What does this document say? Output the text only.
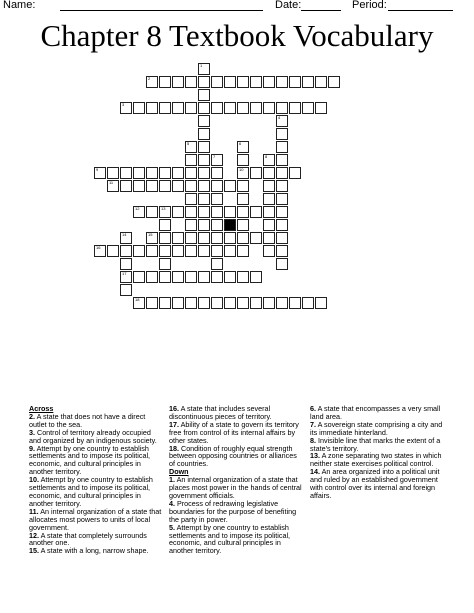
Name:	Date:	Period:
Chapter 8 Textbook Vocabulary
1
2
3
4
5	6
10
7	8
9
11
12	13
14
17
15
16
18
Across
2. A state that does not have a direct outlet to the sea.
3. Control of territory already occupied and organized by an indigenous society.
9. Attempt by one country to establish settlements and to impose its political, economic, and cultural principles in another territory.
10. Attempt by one country to establish settlements and to impose its political, economic, and cultural principles in another territory.
11. An internal organization of a state that allocates most powers to units of local government.
12. A state that completely surrounds another one.
15. A state with a long, narrow shape.
16. A state that includes several discontinuous pieces of territory.
17. Ability of a state to govern its territory free from control of its internal affairs by other states.
18. Condition of roughly equal strength between opposing countries or alliances of countries.
Down
1. An internal organization of a state that places most power in the hands of central government officials.
4. Process of redrawing legislative boundaries for the purpose of benefiting the party in power.
5. Attempt by one country to establish settlements and to impose its political, economic, and cultural principles in another territory.
6. A state that encompasses a very small land area.
7. A sovereign state comprising a city and its immediate hinterland.
8. Invisible line that marks the extent of a state's territory.
13. A zone separating two states in which neither state exercises political control.
14. An area organized into a political unit and ruled by an established government with control over its internal and foreign affairs.
